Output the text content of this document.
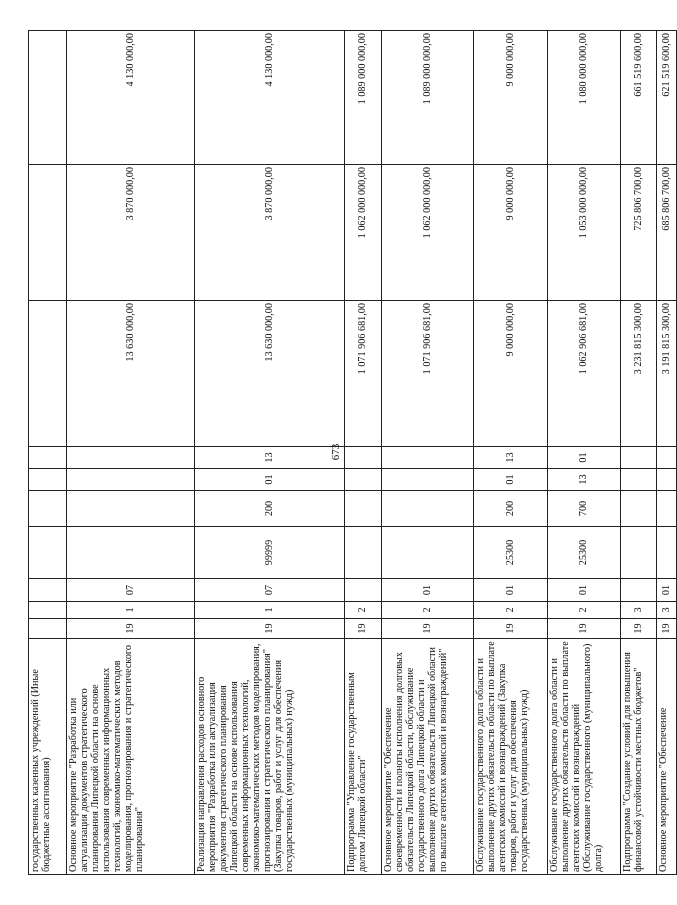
673
государственных казенных учреждений (Иные бюджетные ассигнования)										
Основное мероприятие "Разработка или актуализация документов стратегического планирования Липецкой области на основе использования современных информационных технологий, экономико-математических методов моделирования, прогнозирования и стратегического планирования"	19	1	07					13 630 000,00	3 870 000,00	4 130 000,00
Реализация направления расходов основного мероприятия "Разработка или актуализация документов стратегического планирования Липецкой области на основе использования современных информационных технологий, экономико-математических методов моделирования, прогнозирования и стратегического планирования" (Закупка товаров, работ и услуг для обеспечения государственных (муниципальных) нужд)	19	1	07	99999	200	01	13	13 630 000,00	3 870 000,00	4 130 000,00
Подпрограмма "Управление государственным долгом Липецкой области"	19	2						1 071 906 681,00	1 062 000 000,00	1 089 000 000,00
Основное мероприятие "Обеспечение своевременности и полноты исполнения долговых обязательств Липецкой области, обслуживание государственного долга Липецкой области и выполнение других обязательств Липецкой области по выплате агентских комиссий и вознаграждений"	19	2	01					1 071 906 681,00	1 062 000 000,00	1 089 000 000,00
Обслуживание государственного долга области и выполнение других обязательств области по выплате агентских комиссий и вознаграждений (Закупка товаров, работ и услуг для обеспечения государственных (муниципальных) нужд)	19	2	01	25300	200	01	13	9 000 000,00	9 000 000,00	9 000 000,00
Обслуживание государственного долга области и выполнение других обязательств области по выплате агентских комиссий и вознаграждений (Обслуживание государственного (муниципального) долга)	19	2	01	25300	700	13	01	1 062 906 681,00	1 053 000 000,00	1 080 000 000,00
Подпрограмма "Создание условий для повышения финансовой устойчивости местных бюджетов"	19	3						3 231 815 300,00	725 806 700,00	661 519 600,00
Основное мероприятие "Обеспечение	19	3	01					3 191 815 300,00	685 806 700,00	621 519 600,00
